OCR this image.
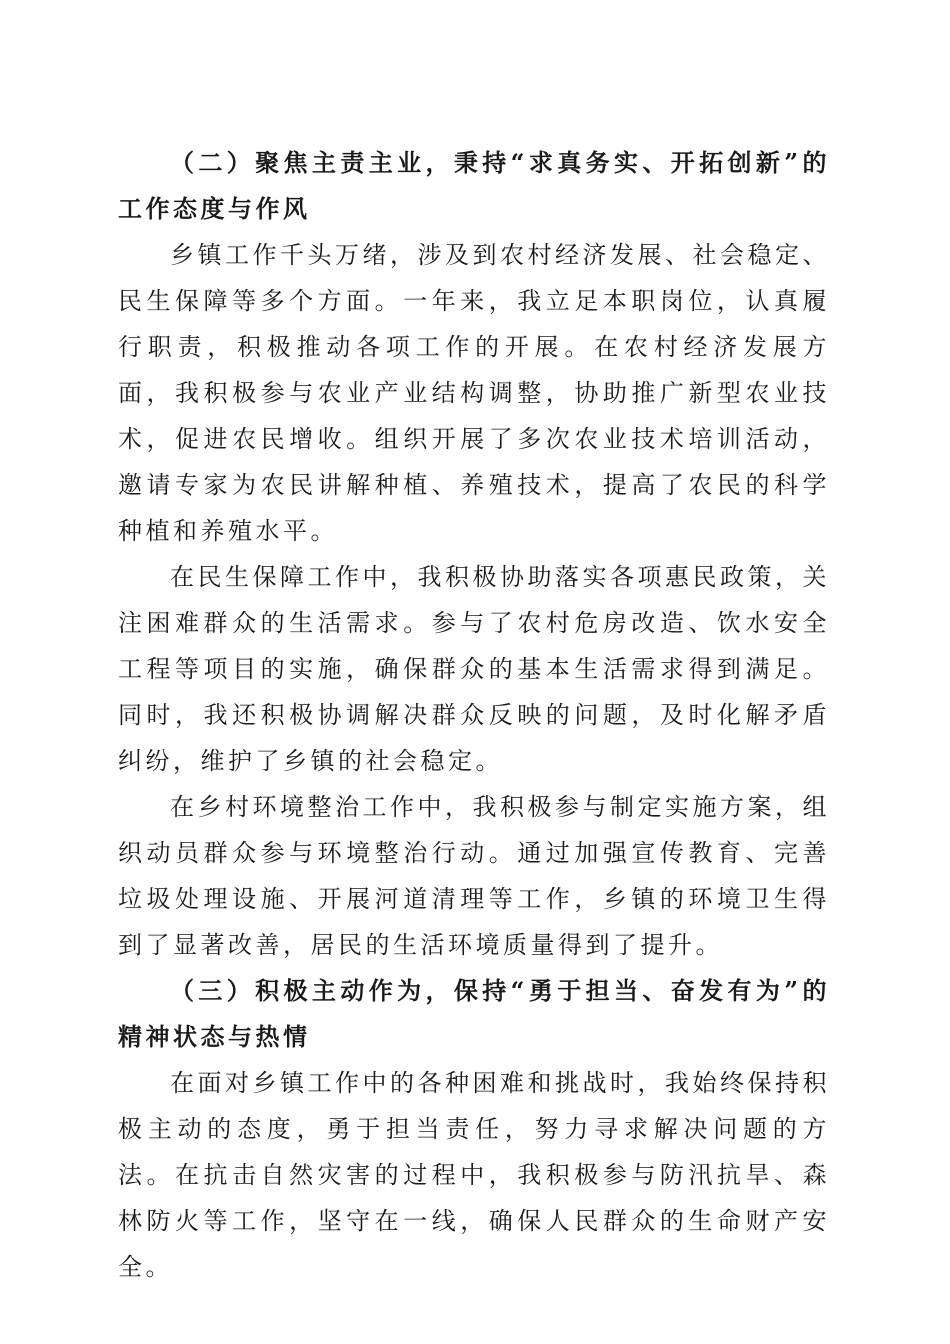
（二）聚焦主责主业，秉持“求真务实、开拓创新”的工作态度与作风

乡镇工作千头万绪，涉及到农村经济发展、社会稳定、民生保障等多个方面。一年来，我立足本职岗位，认真履行职责，积极推动各项工作的开展。在农村经济发展方面，我积极参与农业产业结构调整，协助推广新型农业技术，促进农民增收。组织开展了多次农业技术培训活动，邀请专家为农民讲解种植、养殖技术，提高了农民的科学种植和养殖水平。

在民生保障工作中，我积极协助落实各项惠民政策，关注困难群众的生活需求。参与了农村危房改造、饮水安全工程等项目的实施，确保群众的基本生活需求得到满足。同时，我还积极协调解决群众反映的问题，及时化解矛盾纠纷，维护了乡镇的社会稳定。

在乡村环境整治工作中，我积极参与制定实施方案，组织动员群众参与环境整治行动。通过加强宣传教育、完善垃圾处理设施、开展河道清理等工作，乡镇的环境卫生得到了显著改善，居民的生活环境质量得到了提升。

（三）积极主动作为，保持“勇于担当、奋发有为”的精神状态与热情

在面对乡镇工作中的各种困难和挑战时，我始终保持积极主动的态度，勇于担当责任，努力寻求解决问题的方法。在抗击自然灾害的过程中，我积极参与防汛抗旱、森林防火等工作，坚守在一线，确保人民群众的生命财产安全。
